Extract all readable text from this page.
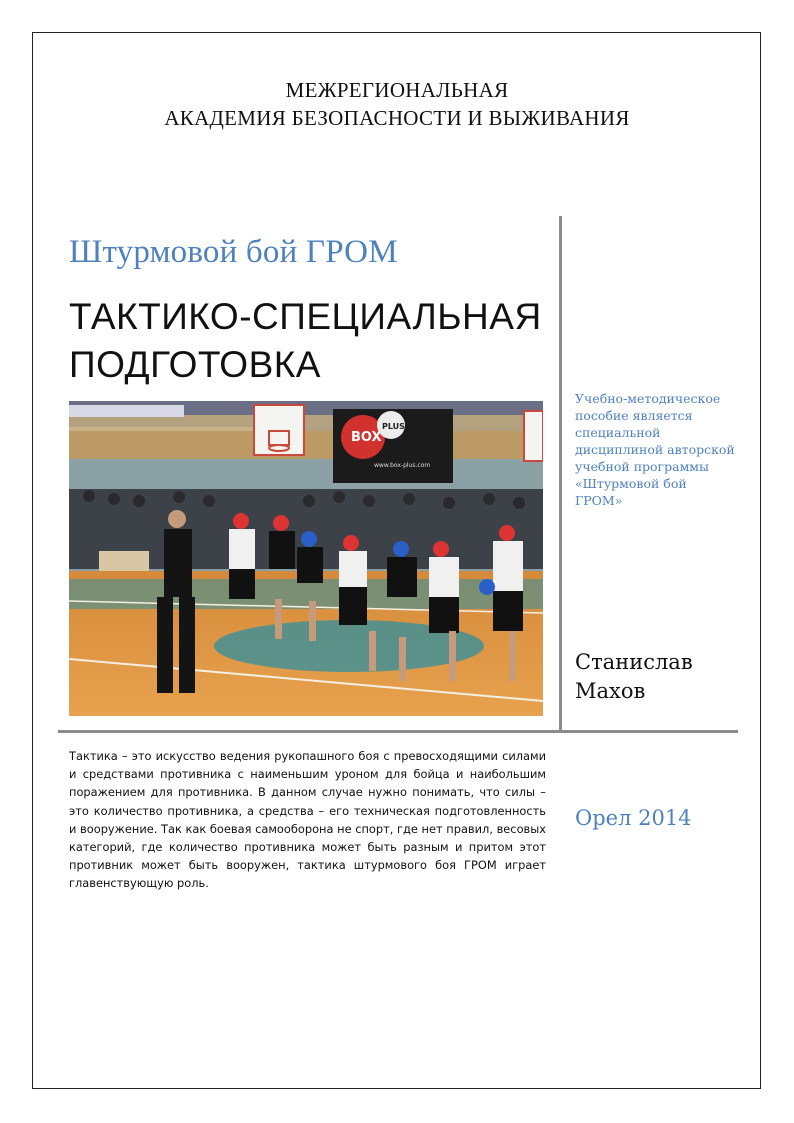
МЕЖРЕГИОНАЛЬНАЯ
АКАДЕМИЯ БЕЗОПАСНОСТИ И ВЫЖИВАНИЯ
Штурмовой бой ГРОМ
ТАКТИКО-СПЕЦИАЛЬНАЯ
ПОДГОТОВКА
BOX
www.box-plus.com
PLUS
Учебно-методическое пособие является специальной дисциплиной авторской учебной программы «Штурмовой бой ГРОМ»
Станислав
Махов
Орел 2014
Тактика – это искусство ведения рукопашного боя с превосходящими силами и средствами противника с наименьшим уроном для бойца и наибольшим поражением для противника. В данном случае нужно понимать, что силы – это количество противника, а средства – его техническая подготовленность и вооружение. Так как боевая самооборона не спорт, где нет правил, весовых категорий, где количество противника может быть разным и притом этот противник может быть вооружен, тактика штурмового боя ГРОМ играет главенствующую роль.
